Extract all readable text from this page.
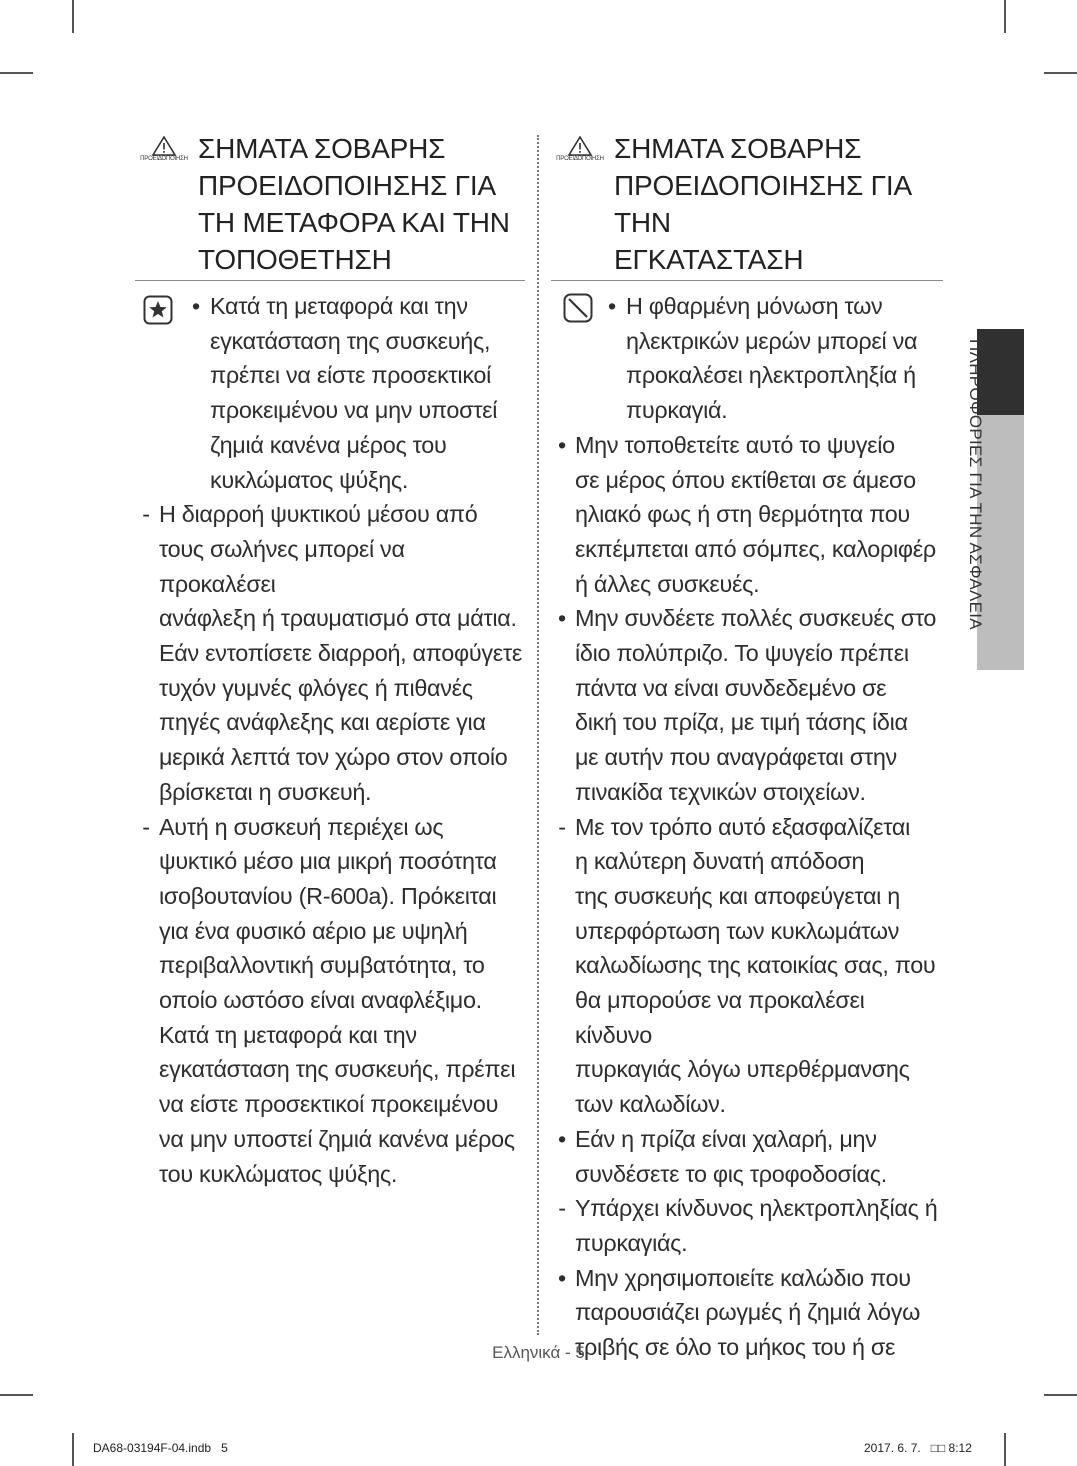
ΠΡΟΕΙΔΟΠΟΙΗΣΗ ΣΗΜΑΤΑ ΣΟΒΑΡΗΣ
ΠΡΟΕΙΔΟΠΟΙΗΣΗΣ ΓΙΑ
ΤΗ ΜΕΤΑΦΟΡΑ ΚΑΙ ΤΗΝ
ΤΟΠΟΘΕΤΗΣΗ
• Κατά τη μεταφορά και την
εγκατάσταση της συσκευής,
πρέπει να είστε προσεκτικοί
προκειμένου να μην υποστεί
ζημιά κανένα μέρος του
κυκλώματος ψύξης.
- Η διαρροή ψυκτικού μέσου από
τους σωλήνες μπορεί να προκαλέσει
ανάφλεξη ή τραυματισμό στα μάτια.
Εάν εντοπίσετε διαρροή, αποφύγετε
τυχόν γυμνές φλόγες ή πιθανές
πηγές ανάφλεξης και αερίστε για
μερικά λεπτά τον χώρο στον οποίο
βρίσκεται η συσκευή.
- Αυτή η συσκευή περιέχει ως
ψυκτικό μέσο μια μικρή ποσότητα
ισοβουτανίου (R-600a). Πρόκειται
για ένα φυσικό αέριο με υψηλή
περιβαλλοντική συμβατότητα, το
οποίο ωστόσο είναι αναφλέξιμο.
Κατά τη μεταφορά και την
εγκατάσταση της συσκευής, πρέπει
να είστε προσεκτικοί προκειμένου
να μην υποστεί ζημιά κανένα μέρος
του κυκλώματος ψύξης.
ΠΡΟΕΙΔΟΠΟΙΗΣΗ ΣΗΜΑΤΑ ΣΟΒΑΡΗΣ
ΠΡΟΕΙΔΟΠΟΙΗΣΗΣ ΓΙΑ ΤΗΝ
ΕΓΚΑΤΑΣΤΑΣΗ
• Η φθαρμένη μόνωση των
ηλεκτρικών μερών μπορεί να
προκαλέσει ηλεκτροπληξία ή
πυρκαγιά.
• Μην τοποθετείτε αυτό το ψυγείο
σε μέρος όπου εκτίθεται σε άμεσο
ηλιακό φως ή στη θερμότητα που
εκπέμπεται από σόμπες, καλοριφέρ
ή άλλες συσκευές.
• Μην συνδέετε πολλές συσκευές στο
ίδιο πολύπριζο. Το ψυγείο πρέπει
πάντα να είναι συνδεδεμένο σε
δική του πρίζα, με τιμή τάσης ίδια
με αυτήν που αναγράφεται στην
πινακίδα τεχνικών στοιχείων.
- Με τον τρόπο αυτό εξασφαλίζεται
η καλύτερη δυνατή απόδοση
της συσκευής και αποφεύγεται η
υπερφόρτωση των κυκλωμάτων
καλωδίωσης της κατοικίας σας, που
θα μπορούσε να προκαλέσει κίνδυνο
πυρκαγιάς λόγω υπερθέρμανσης
των καλωδίων.
• Εάν η πρίζα είναι χαλαρή, μην
συνδέσετε το φις τροφοδοσίας.
- Υπάρχει κίνδυνος ηλεκτροπληξίας ή
πυρκαγιάς.
• Μην χρησιμοποιείτε καλώδιο που
παρουσιάζει ρωγμές ή ζημιά λόγω
τριβής σε όλο το μήκος του ή σε
ΠΛΗΡΟΦΟΡΙΕΣ ΓΙΑ ΤΗΝ ΑΣΦΑΛΕΙΑ
Ελληνικά - 5
DA68-03194F-04.indb   5	2017. 6. 7.   □□ 8:12
